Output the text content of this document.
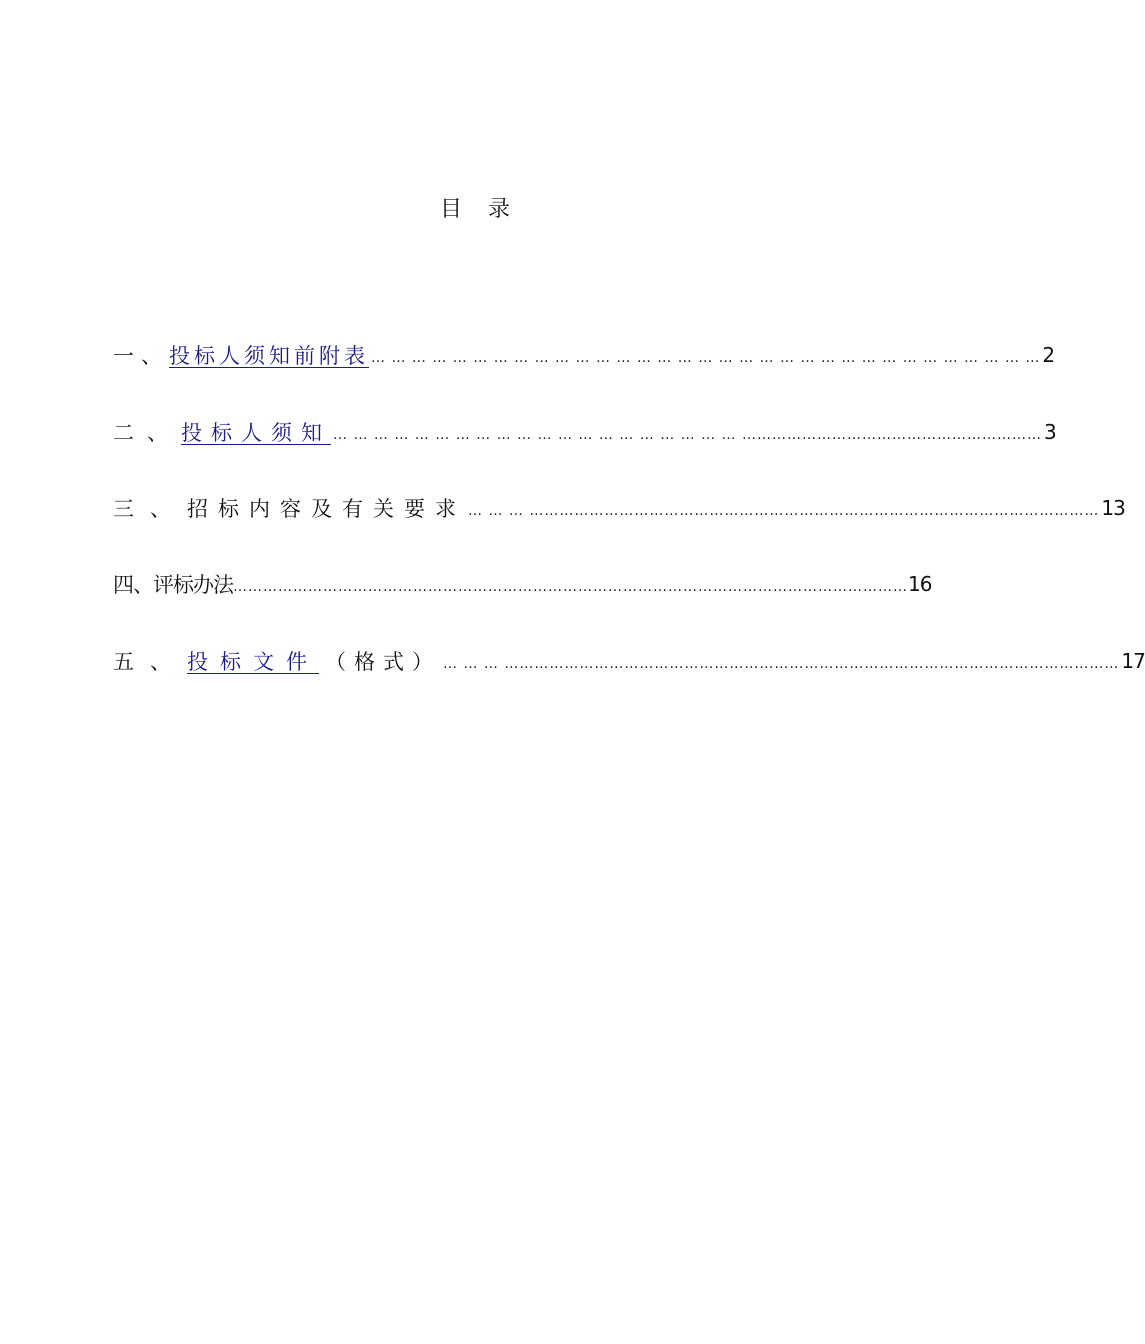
目录
一、 投标人须知前附表 … … … … … … … … … … … … … … … … … … … … … … … … … … … … … … … … … 2
二、 投标人须知 … … … … … … … … … … … … … … … … … … … … …………………………………………………… 3
三、 招标内容及有关要求 … … … …………………………………………………………………………………………………… 13
四、 评标办法 ……………………………………………………………………………………………………………………… 16
五、 投标文件 （格式） … … … …………………………………………………………………………………………………………… 17
